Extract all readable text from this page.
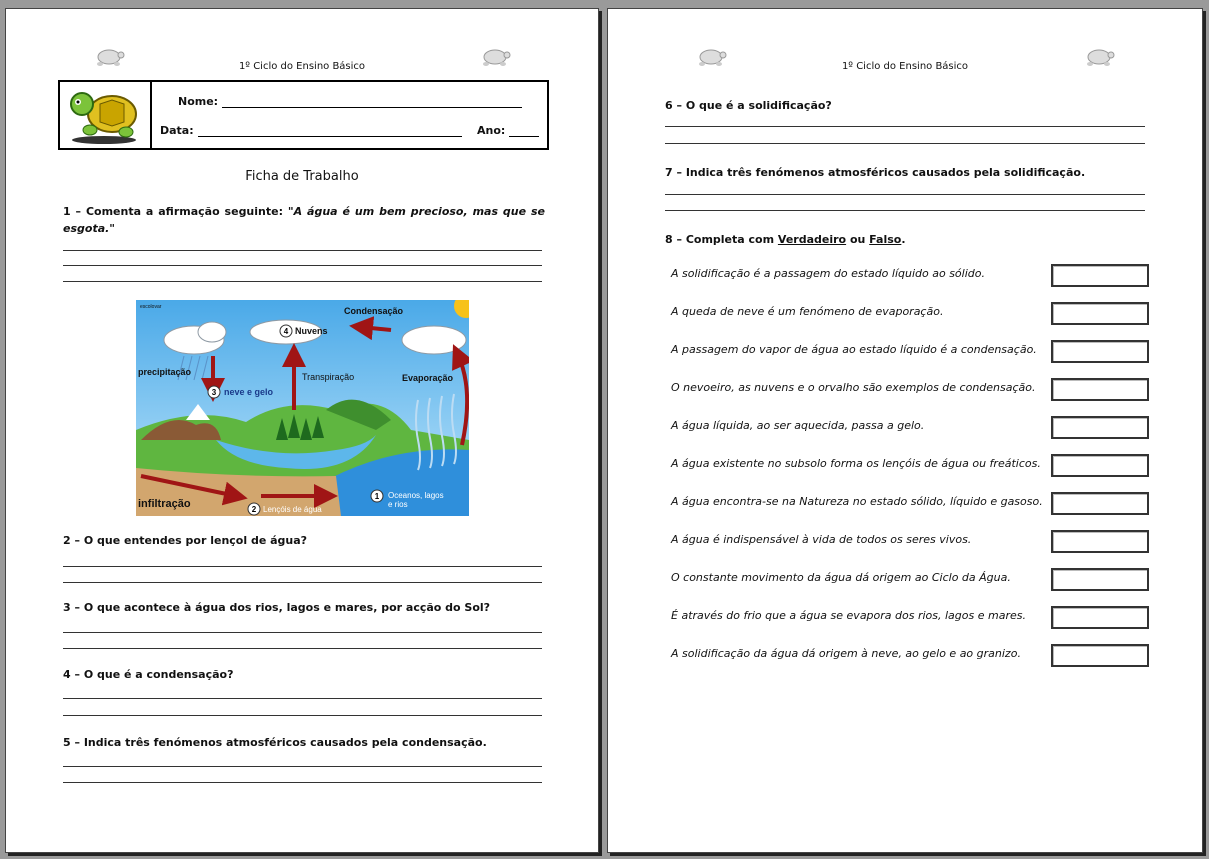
1º Ciclo do Ensino Básico
Nome:
Data:	Ano:
Ficha de Trabalho
1 – Comenta a afirmação seguinte: "A água é um bem precioso, mas que se esgota."
4
3
1
2
escolovar	Condensação
Nuvens
precipitação
neve e gelo
Transpiração	Evaporação
infiltração
Oceanos, lagos
e rios
Lençóis de água
2 – O que entendes por lençol de água?
3 – O que acontece à água dos rios, lagos e mares, por acção do Sol?
4 – O que é a condensação?
5 – Indica três fenómenos atmosféricos causados pela condensação.
1º Ciclo do Ensino Básico
6 – O que é a solidificação?
7 – Indica três fenómenos atmosféricos causados pela solidificação.
8 – Completa com Verdadeiro ou Falso.
A solidificação é a passagem do estado líquido ao sólido.
A queda de neve é um fenómeno de evaporação.
A passagem do vapor de água ao estado líquido é a condensação.
O nevoeiro, as nuvens e o orvalho são exemplos de condensação.
A água líquida, ao ser aquecida, passa a gelo.
A água existente no subsolo forma os lençóis de água ou freáticos.
A água encontra-se na Natureza no estado sólido, líquido e gasoso.
A água é indispensável à vida de todos os seres vivos.
O constante movimento da água dá origem ao Ciclo da Água.
É através do frio que a água se evapora dos rios, lagos e mares.
A solidificação da água dá origem à neve, ao gelo e ao granizo.
